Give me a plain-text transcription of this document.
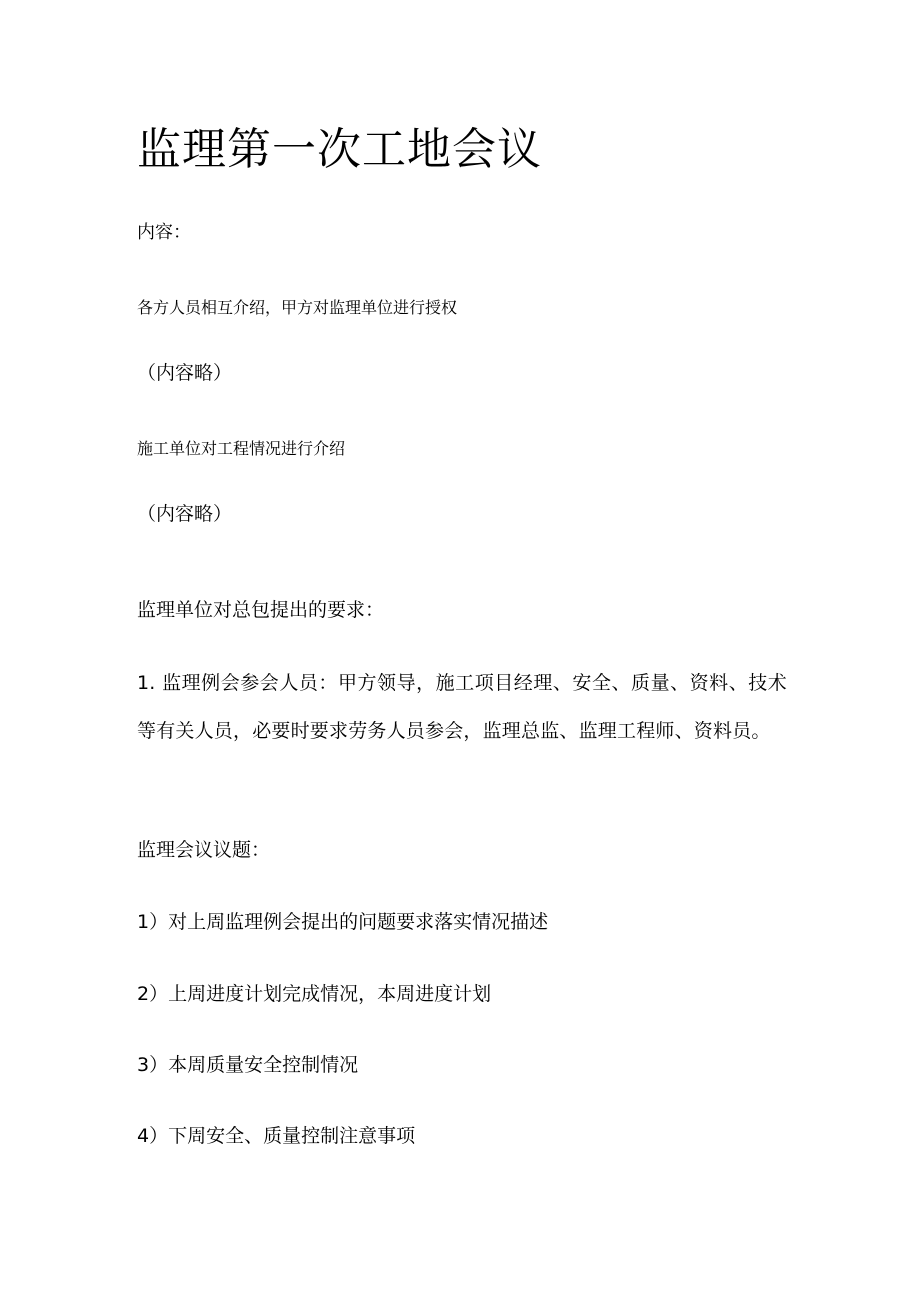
监理第一次工地会议

内容：

各方人员相互介绍，甲方对监理单位进行授权

（内容略）

施工单位对工程情况进行介绍

（内容略）

监理单位对总包提出的要求：

1. 监理例会参会人员：甲方领导，施工项目经理、安全、质量、资料、技术等有关人员，必要时要求劳务人员参会，监理总监、监理工程师、资料员。

监理会议议题：

1）对上周监理例会提出的问题要求落实情况描述

2）上周进度计划完成情况，本周进度计划

3）本周质量安全控制情况

4）下周安全、质量控制注意事项
